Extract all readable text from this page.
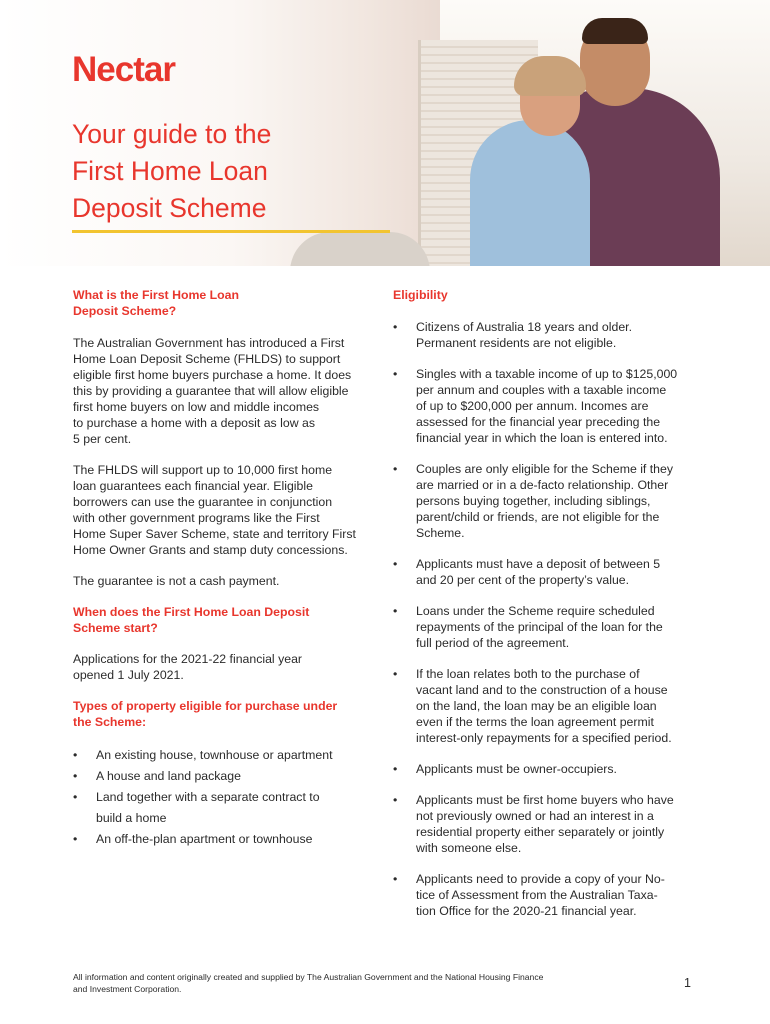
Nectar
Your guide to the
First Home Loan
Deposit Scheme
What is the First Home Loan
Deposit Scheme?
The Australian Government has introduced a First
Home Loan Deposit Scheme (FHLDS) to support
eligible first home buyers purchase a home. It does
this by providing a guarantee that will allow eligible
first home buyers on low and middle incomes
to purchase a home with a deposit as low as
5 per cent.
The FHLDS will support up to 10,000 first home
loan guarantees each financial year. Eligible
borrowers can use the guarantee in conjunction
with other government programs like the First
Home Super Saver Scheme, state and territory First
Home Owner Grants and stamp duty concessions.
The guarantee is not a cash payment.
When does the First Home Loan Deposit
Scheme start?
Applications for the 2021-22 financial year
opened 1 July 2021.
Types of property eligible for purchase under
the Scheme:
• An existing house, townhouse or apartment
• A house and land package
• Land together with a separate contract to
build a home
• An off-the-plan apartment or townhouse
Eligibility
• Citizens of Australia 18 years and older.
Permanent residents are not eligible.
• Singles with a taxable income of up to $125,000
per annum and couples with a taxable income
of up to $200,000 per annum. Incomes are
assessed for the financial year preceding the
financial year in which the loan is entered into.
• Couples are only eligible for the Scheme if they
are married or in a de-facto relationship. Other
persons buying together, including siblings,
parent/child or friends, are not eligible for the
Scheme.
• Applicants must have a deposit of between 5
and 20 per cent of the property’s value.
• Loans under the Scheme require scheduled
repayments of the principal of the loan for the
full period of the agreement.
• If the loan relates both to the purchase of
vacant land and to the construction of a house
on the land, the loan may be an eligible loan
even if the terms the loan agreement permit
interest-only repayments for a specified period.
• Applicants must be owner-occupiers.
• Applicants must be first home buyers who have
not previously owned or had an interest in a
residential property either separately or jointly
with someone else.
• Applicants need to provide a copy of your No-
tice of Assessment from the Australian Taxa-
tion Office for the 2020-21 financial year.
All information and content originally created and supplied by The Australian Government and the National Housing Finance
and Investment Corporation.	1
